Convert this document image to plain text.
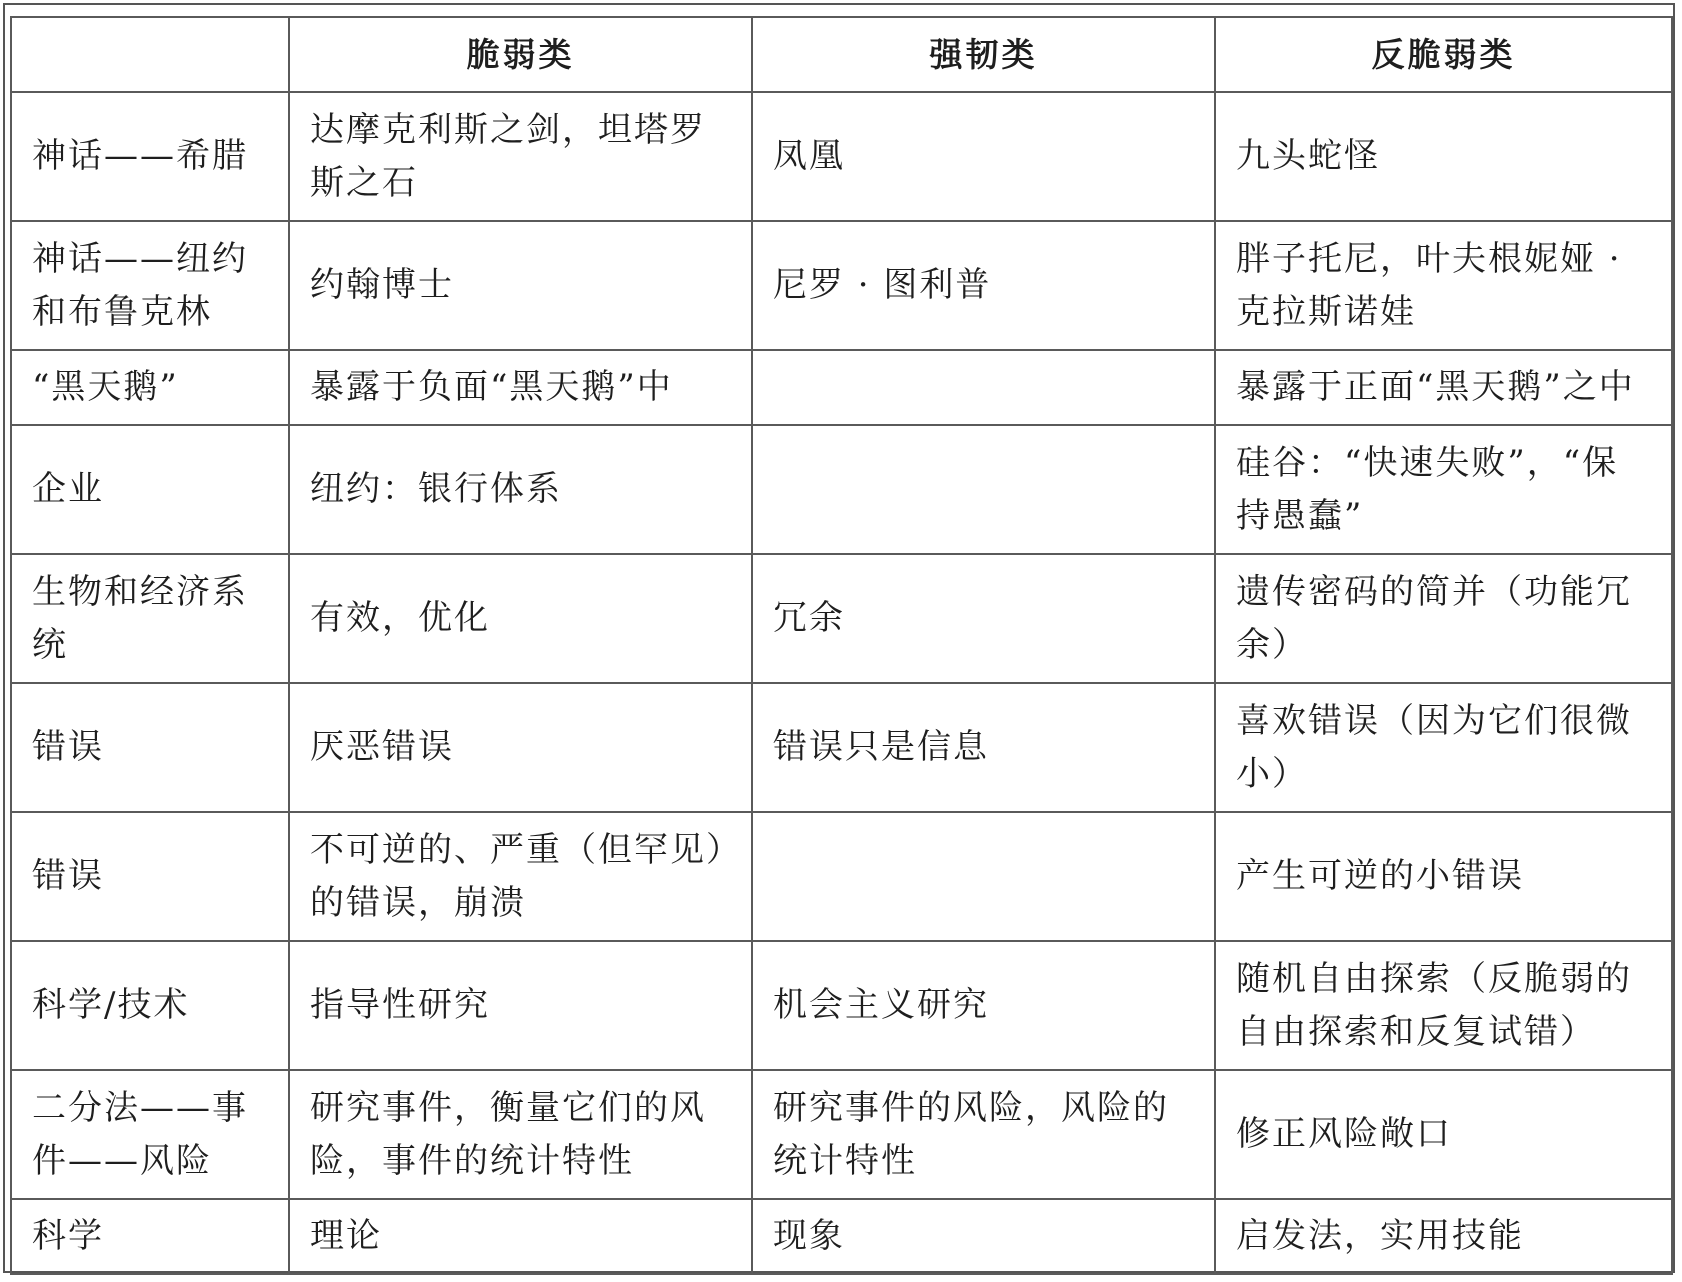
	脆弱类	强韧类	反脆弱类
神话——希腊	达摩克利斯之剑，坦塔罗斯之石	凤凰	九头蛇怪
神话——纽约和布鲁克林	约翰博士	尼罗 · 图利普	胖子托尼，叶夫根妮娅 · 克拉斯诺娃
“黑天鹅”	暴露于负面“黑天鹅”中		暴露于正面“黑天鹅”之中
企业	纽约：银行体系		硅谷：“快速失败”，“保持愚蠢”
生物和经济系统	有效，优化	冗余	遗传密码的简并（功能冗余）
错误	厌恶错误	错误只是信息	喜欢错误（因为它们很微小）
错误	不可逆的、严重（但罕见）的错误，崩溃		产生可逆的小错误
科学/技术	指导性研究	机会主义研究	随机自由探索（反脆弱的自由探索和反复试错）
二分法——事件——风险	研究事件，衡量它们的风险，事件的统计特性	研究事件的风险，风险的统计特性	修正风险敞口
科学	理论	现象	启发法，实用技能
